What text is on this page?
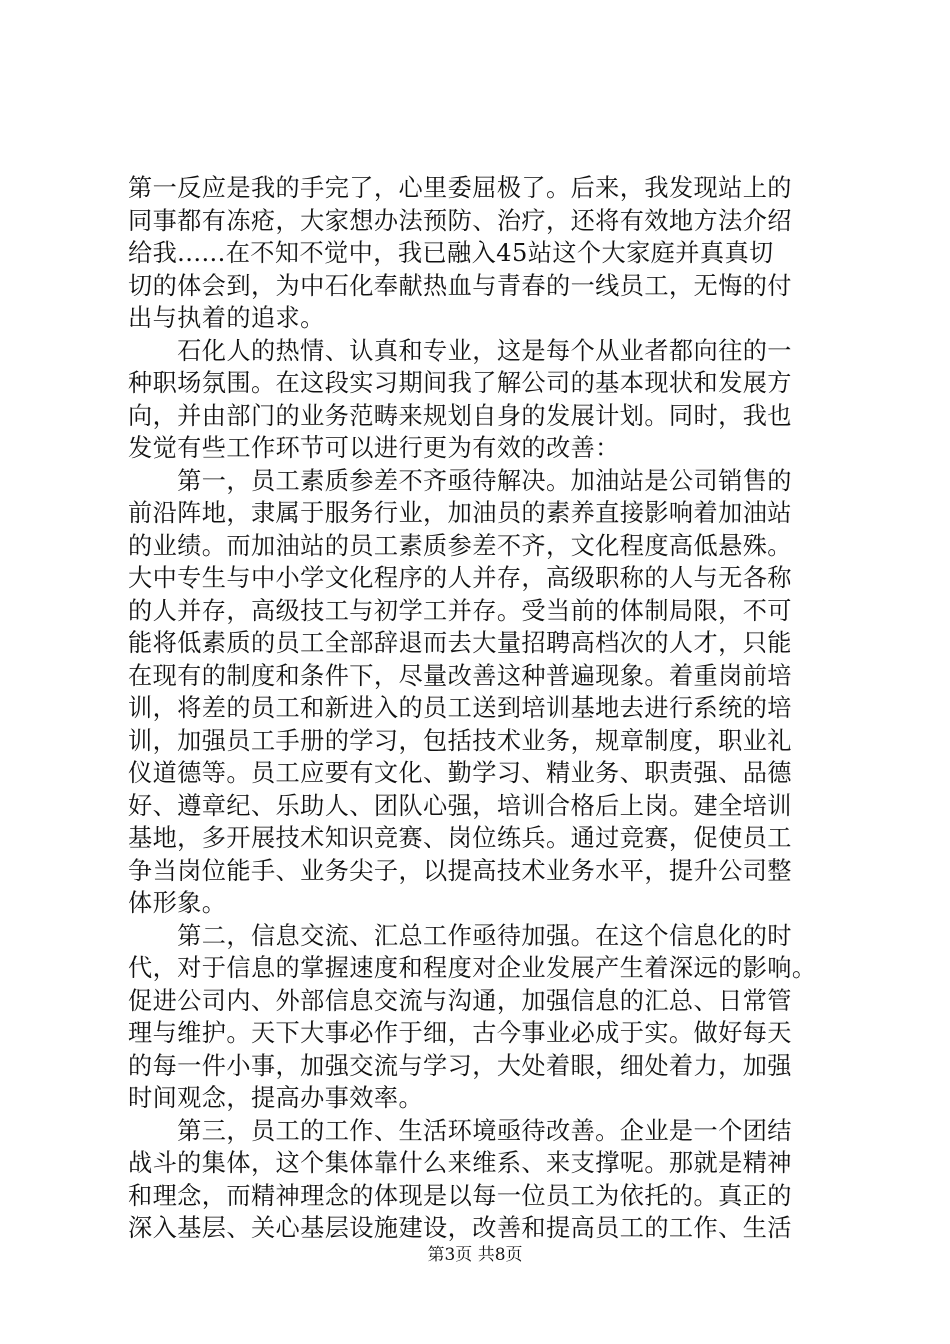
第一反应是我的手完了，心里委屈极了。后来，我发现站上的
同事都有冻疮，大家想办法预防、治疗，还将有效地方法介绍
给我......在不知不觉中，我已融入45站这个大家庭并真真切
切的体会到，为中石化奉献热血与青春的一线员工，无悔的付
出与执着的追求。
　　石化人的热情、认真和专业，这是每个从业者都向往的一
种职场氛围。在这段实习期间我了解公司的基本现状和发展方
向，并由部门的业务范畴来规划自身的发展计划。同时，我也
发觉有些工作环节可以进行更为有效的改善：
　　第一，员工素质参差不齐亟待解决。加油站是公司销售的
前沿阵地，隶属于服务行业，加油员的素养直接影响着加油站
的业绩。而加油站的员工素质参差不齐，文化程度高低悬殊。
大中专生与中小学文化程序的人并存，高级职称的人与无各称
的人并存，高级技工与初学工并存。受当前的体制局限，不可
能将低素质的员工全部辞退而去大量招聘高档次的人才，只能
在现有的制度和条件下，尽量改善这种普遍现象。着重岗前培
训，将差的员工和新进入的员工送到培训基地去进行系统的培
训，加强员工手册的学习，包括技术业务，规章制度，职业礼
仪道德等。员工应要有文化、勤学习、精业务、职责强、品德
好、遵章纪、乐助人、团队心强，培训合格后上岗。建全培训
基地，多开展技术知识竞赛、岗位练兵。通过竞赛，促使员工
争当岗位能手、业务尖子，以提高技术业务水平，提升公司整
体形象。
　　第二，信息交流、汇总工作亟待加强。在这个信息化的时
代，对于信息的掌握速度和程度对企业发展产生着深远的影响。
促进公司内、外部信息交流与沟通，加强信息的汇总、日常管
理与维护。天下大事必作于细，古今事业必成于实。做好每天
的每一件小事，加强交流与学习，大处着眼，细处着力，加强
时间观念，提高办事效率。
　　第三，员工的工作、生活环境亟待改善。企业是一个团结
战斗的集体，这个集体靠什么来维系、来支撑呢。那就是精神
和理念，而精神理念的体现是以每一位员工为依托的。真正的
深入基层、关心基层设施建设，改善和提高员工的工作、生活
第3页 共8页
